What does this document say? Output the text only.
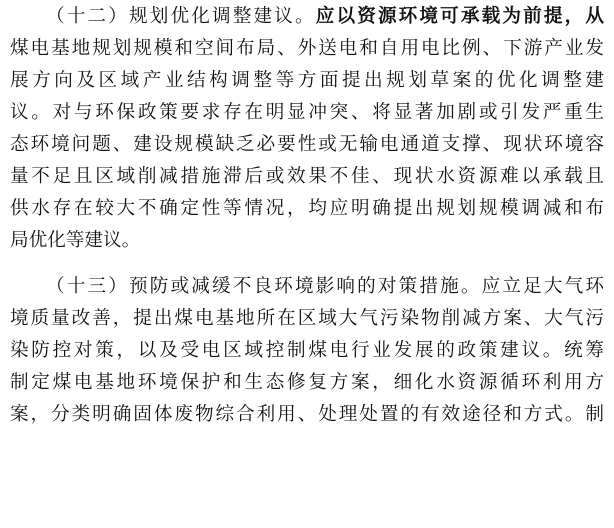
（十二）规划优化调整建议。应以资源环境可承载为前提，从
煤电基地规划规模和空间布局、外送电和自用电比例、下游产业发
展方向及区域产业结构调整等方面提出规划草案的优化调整建
议。对与环保政策要求存在明显冲突、将显著加剧或引发严重生
态环境问题、建设规模缺乏必要性或无输电通道支撑、现状环境容
量不足且区域削减措施滞后或效果不佳、现状水资源难以承载且
供水存在较大不确定性等情况，均应明确提出规划规模调减和布
局优化等建议。
（十三）预防或减缓不良环境影响的对策措施。应立足大气环
境质量改善，提出煤电基地所在区域大气污染物削减方案、大气污
染防控对策，以及受电区域控制煤电行业发展的政策建议。统筹
制定煤电基地环境保护和生态修复方案，细化水资源循环利用方
案，分类明确固体废物综合利用、处理处置的有效途径和方式。制
